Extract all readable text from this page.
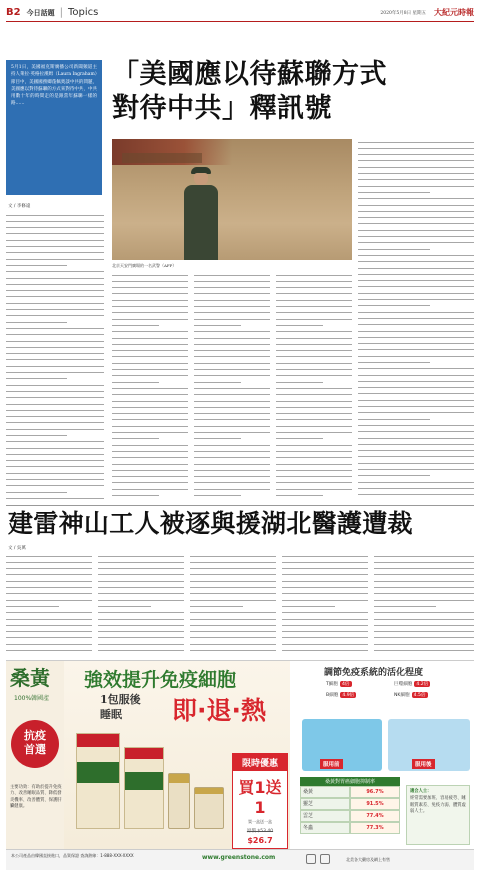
B2 今日話題 | Topics	2020年5月8日 星期五 大紀元時報

5月1日，美國福克斯廣播公司新聞頻道主持人萊拉·英格拉漢姆（Laura Ingraham）節目中，美國國務卿蓬佩奧談中共的問題，美國應以對待蘇聯的方式來對待中共，中共用數十年的時間走的是跟當年蘇聯一樣的路……

「美國應以待蘇聯方式
對待中共」釋訊號
文 / 李修遠
北京天安門廣場的一名武警（AFP）
建雷神山工人被逐與援湖北醫護遭裁
文 / 吳萬
桑黃
100%韓國產
抗疫
首選
主要功效：有助於提升免疫力、改善睡眠品質、降低發炎機率、改善體質、保護肝臟健康。
強效提升免疫細胞
1包服後
睡眠 即·退·熱
限時優惠
買1送1
買一盒送一盒
原價 $53.40
$26.7
調節免疫系統的活化程度
T細胞 4倍
B細胞 4.9倍
巨噬細胞 4.2倍
NK細胞 4.5倍
服用前	服用後
桑黃對胃癌細胞抑制率
桑黃	96.7%
靈芝	91.5%
雲芝	77.4%
冬蟲	77.3%
適合人士：
經常需要加班、容易疲勞、睡眠質素差、免疫力弱、體質虛弱人士。
本公司產品由韓國直接進口，品質保證 查詢熱線：1-888-XXX-XXXX	www.greenstone.com	北美各大藥房及網上有售
